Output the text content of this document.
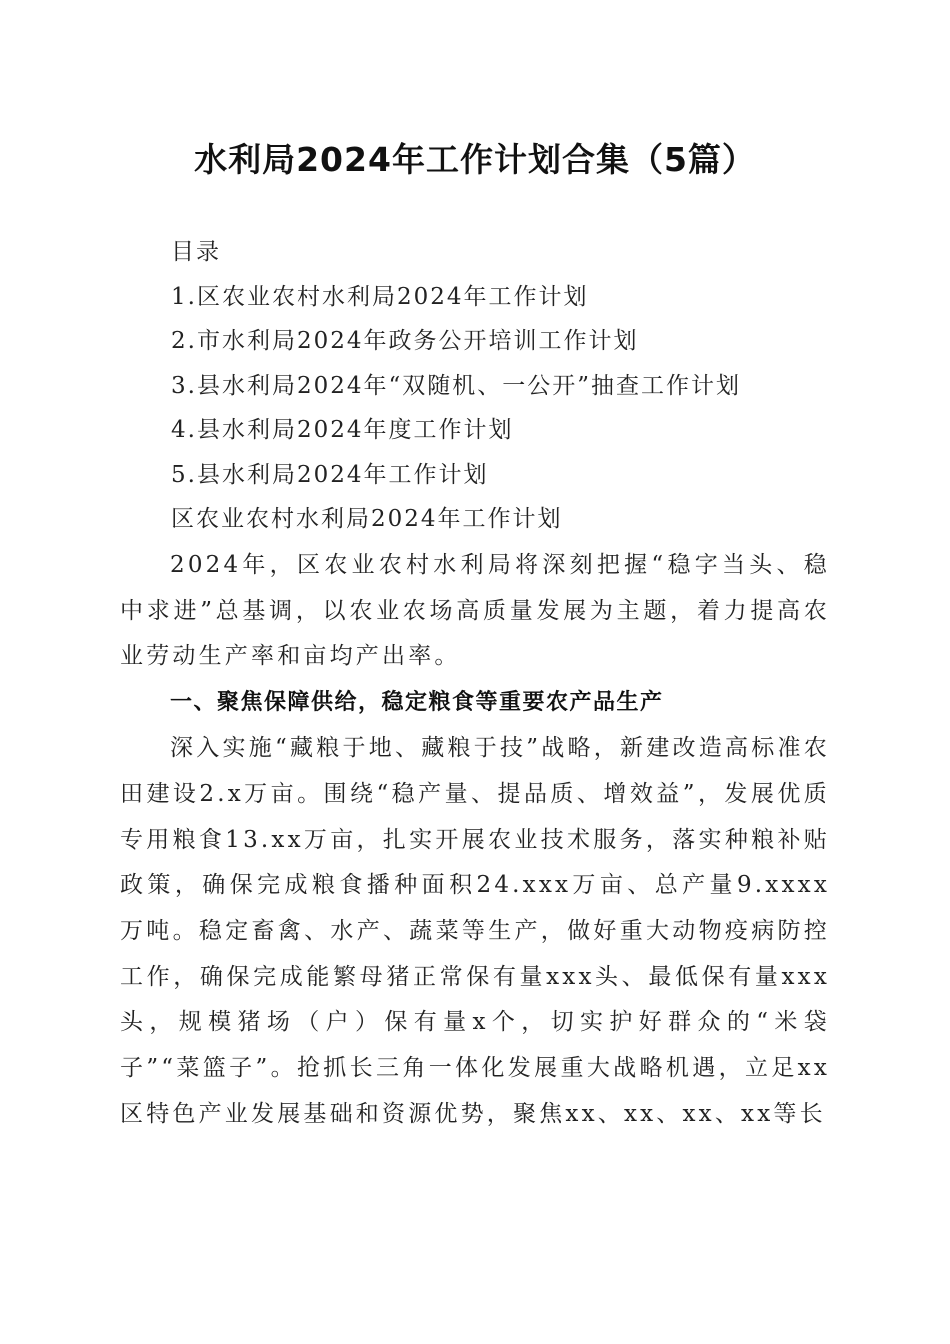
水利局2024年工作计划合集（5篇）
目录
1.区农业农村水利局2024年工作计划
2.市水利局2024年政务公开培训工作计划
3.县水利局2024年“双随机、一公开”抽查工作计划
4.县水利局2024年度工作计划
5.县水利局2024年工作计划
区农业农村水利局2024年工作计划

2024年，区农业农村水利局将深刻把握“稳字当头、稳中求进”总基调，以农业农场高质量发展为主题，着力提高农业劳动生产率和亩均产出率。

一、聚焦保障供给，稳定粮食等重要农产品生产

深入实施“藏粮于地、藏粮于技”战略，新建改造高标准农田建设2.x万亩。围绕“稳产量、提品质、增效益”，发展优质专用粮食13.xx万亩，扎实开展农业技术服务，落实种粮补贴政策，确保完成粮食播种面积24.xxx万亩、总产量9.xxxx万吨。稳定畜禽、水产、蔬菜等生产，做好重大动物疫病防控工作，确保完成能繁母猪正常保有量xxx头、最低保有量xxx头，规模猪场（户）保有量x个，切实护好群众的“米袋子”“菜篮子”。抢抓长三角一体化发展重大战略机遇，立足xx区特色产业发展基础和资源优势，聚焦xx、xx、xx、xx等长
